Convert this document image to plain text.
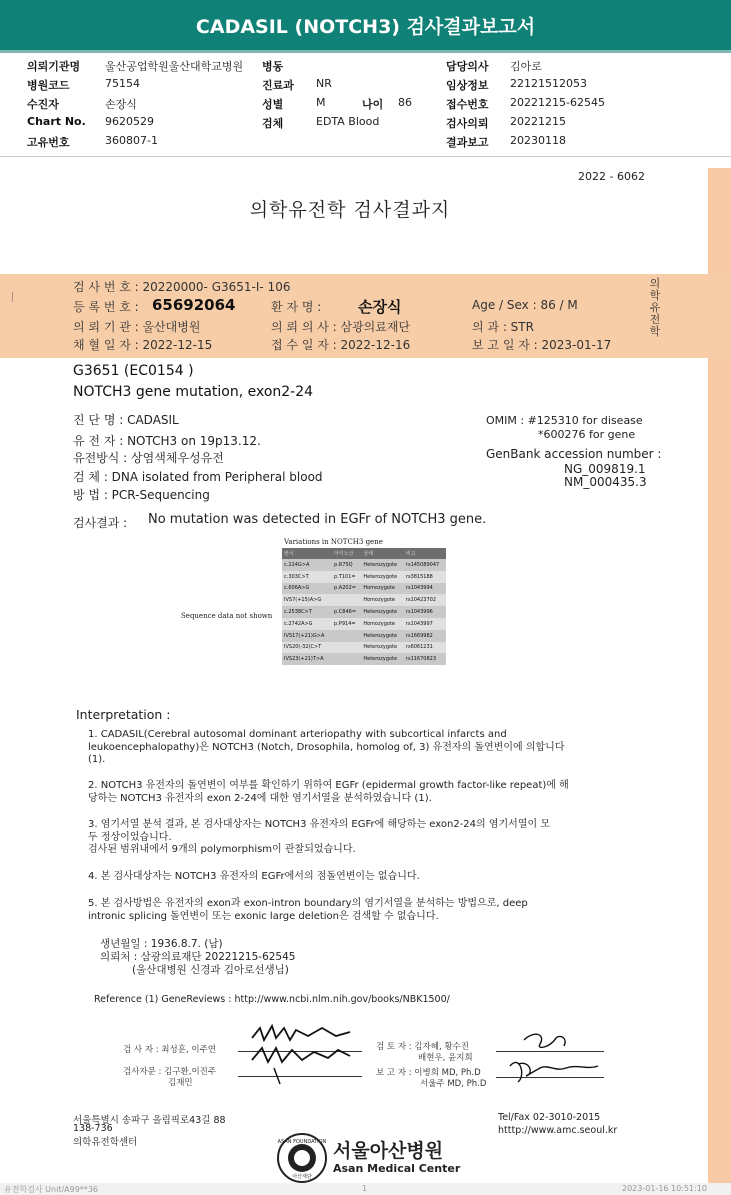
CADASIL (NOTCH3) 검사결과보고서
의뢰기관명 울산공업학원울산대학교병원 병동	담당의사 김아로
병원코드	75154	진료과 NR	임상정보 22121512053
수진자	손장식	성별	M	나이 86	접수번호 20221215-62545
Chart No. 9620529	검체	EDTA Blood	검사의뢰 20221215
고유번호	360807-1	결과보고 20230118
2022 - 6062
의학유전학 검사결과지
검 사 번 호 : 20220000- G3651-I- 106
등 록 번 호 : 65692064	환 자 명 : 손장식	Age / Sex : 86 / M
의 뢰 기 관 : 울산대병원	의 뢰 의 사 : 삼광의료재단	의 과 : STR
채 혈 일 자 : 2022-12-15	접 수 일 자 : 2022-12-16	보 고 일 자 : 2023-01-17
의
학
유
전
학
G3651 (EC0154 )
NOTCH3 gene mutation, exon2-24
진 단 명 : CADASIL
유 전 자 : NOTCH3 on 19p13.12.
유전방식 : 상염색체우성유전
검 체 : DNA isolated from Peripheral blood
방 법 : PCR-Sequencing
OMIM : #125310 for disease
*600276 for gene
GenBank accession number :
NG_009819.1
NM_000435.3
검사결과 : No mutation was detected in EGFr of NOTCH3 gene.
Variations in NOTCH3 gene
변이	아미노산	상태	비고
c.224G>A	p.R75Q	Heterozygote	rs145089047
c.303C>T	p.T101=	Heterozygote	rs3815188
c.606A>G	p.A202=	Homozygote	rs1043994
IVS7(+15)A>G		Homozygote	rs10423702
c.2538C>T	p.C846=	Heterozygote	rs1043996
c.2742A>G	p.P914=	Homozygote	rs1043997
IVS17(+21)G>A		Heterozygote	rs1669982
IVS20(-32)C>T		Heterozygote	rs6061231
IVS23(+21)T>A		Heterozygote	rs11670823
Sequence data not shown
Interpretation :
1. CADASIL(Cerebral autosomal dominant arteriopathy with subcortical infarcts and
leukoencephalopathy)은 NOTCH3 (Notch, Drosophila, homolog of, 3) 유전자의 돌연변이에 의합니다
(1).
2. NOTCH3 유전자의 돌연변이 여부를 확인하기 위하여 EGFr (epidermal growth factor-like repeat)에 해
당하는 NOTCH3 유전자의 exon 2-24에 대한 염기서열을 분석하였습니다 (1).
3. 염기서열 분석 결과, 본 검사대상자는 NOTCH3 유전자의 EGFr에 해당하는 exon2-24의 염기서열이 모
두 정상이었습니다.
검사된 범위내에서 9개의 polymorphism이 관찰되었습니다.
4. 본 검사대상자는 NOTCH3 유전자의 EGFr에서의 점돌연변이는 없습니다.
5. 본 검사방법은 유전자의 exon과 exon-intron boundary의 염기서열을 분석하는 방법으로, deep
intronic splicing 돌연변이 또는 exonic large deletion은 검색할 수 없습니다.
생년월일 : 1936.8.7. (남)
의뢰처 : 삼광의료재단 20221215-62545
(울산대병원 신경과 김아로선생님)
Reference (1) GeneReviews : http://www.ncbi.nlm.nih.gov/books/NBK1500/
검 사 자 : 최성훈, 이주연
검사자문 : 김구환,이진주
김재민
검 토 자 : 김자혜, 황수진
배현우, 윤지희
보 고 자 : 이병희 MD, Ph.D
서울주 MD, Ph.D
서울특별시 송파구 올림픽로43길 88
138-736
의학유전학센터
Tel/Fax 02-3010-2015
htttp://www.amc.seoul.kr
ASAN FOUNDATION
아산재단
서울아산병원
Asan Medical Center
유전학검사 Unit/A99**36	1	2023-01-16 10:51:10
